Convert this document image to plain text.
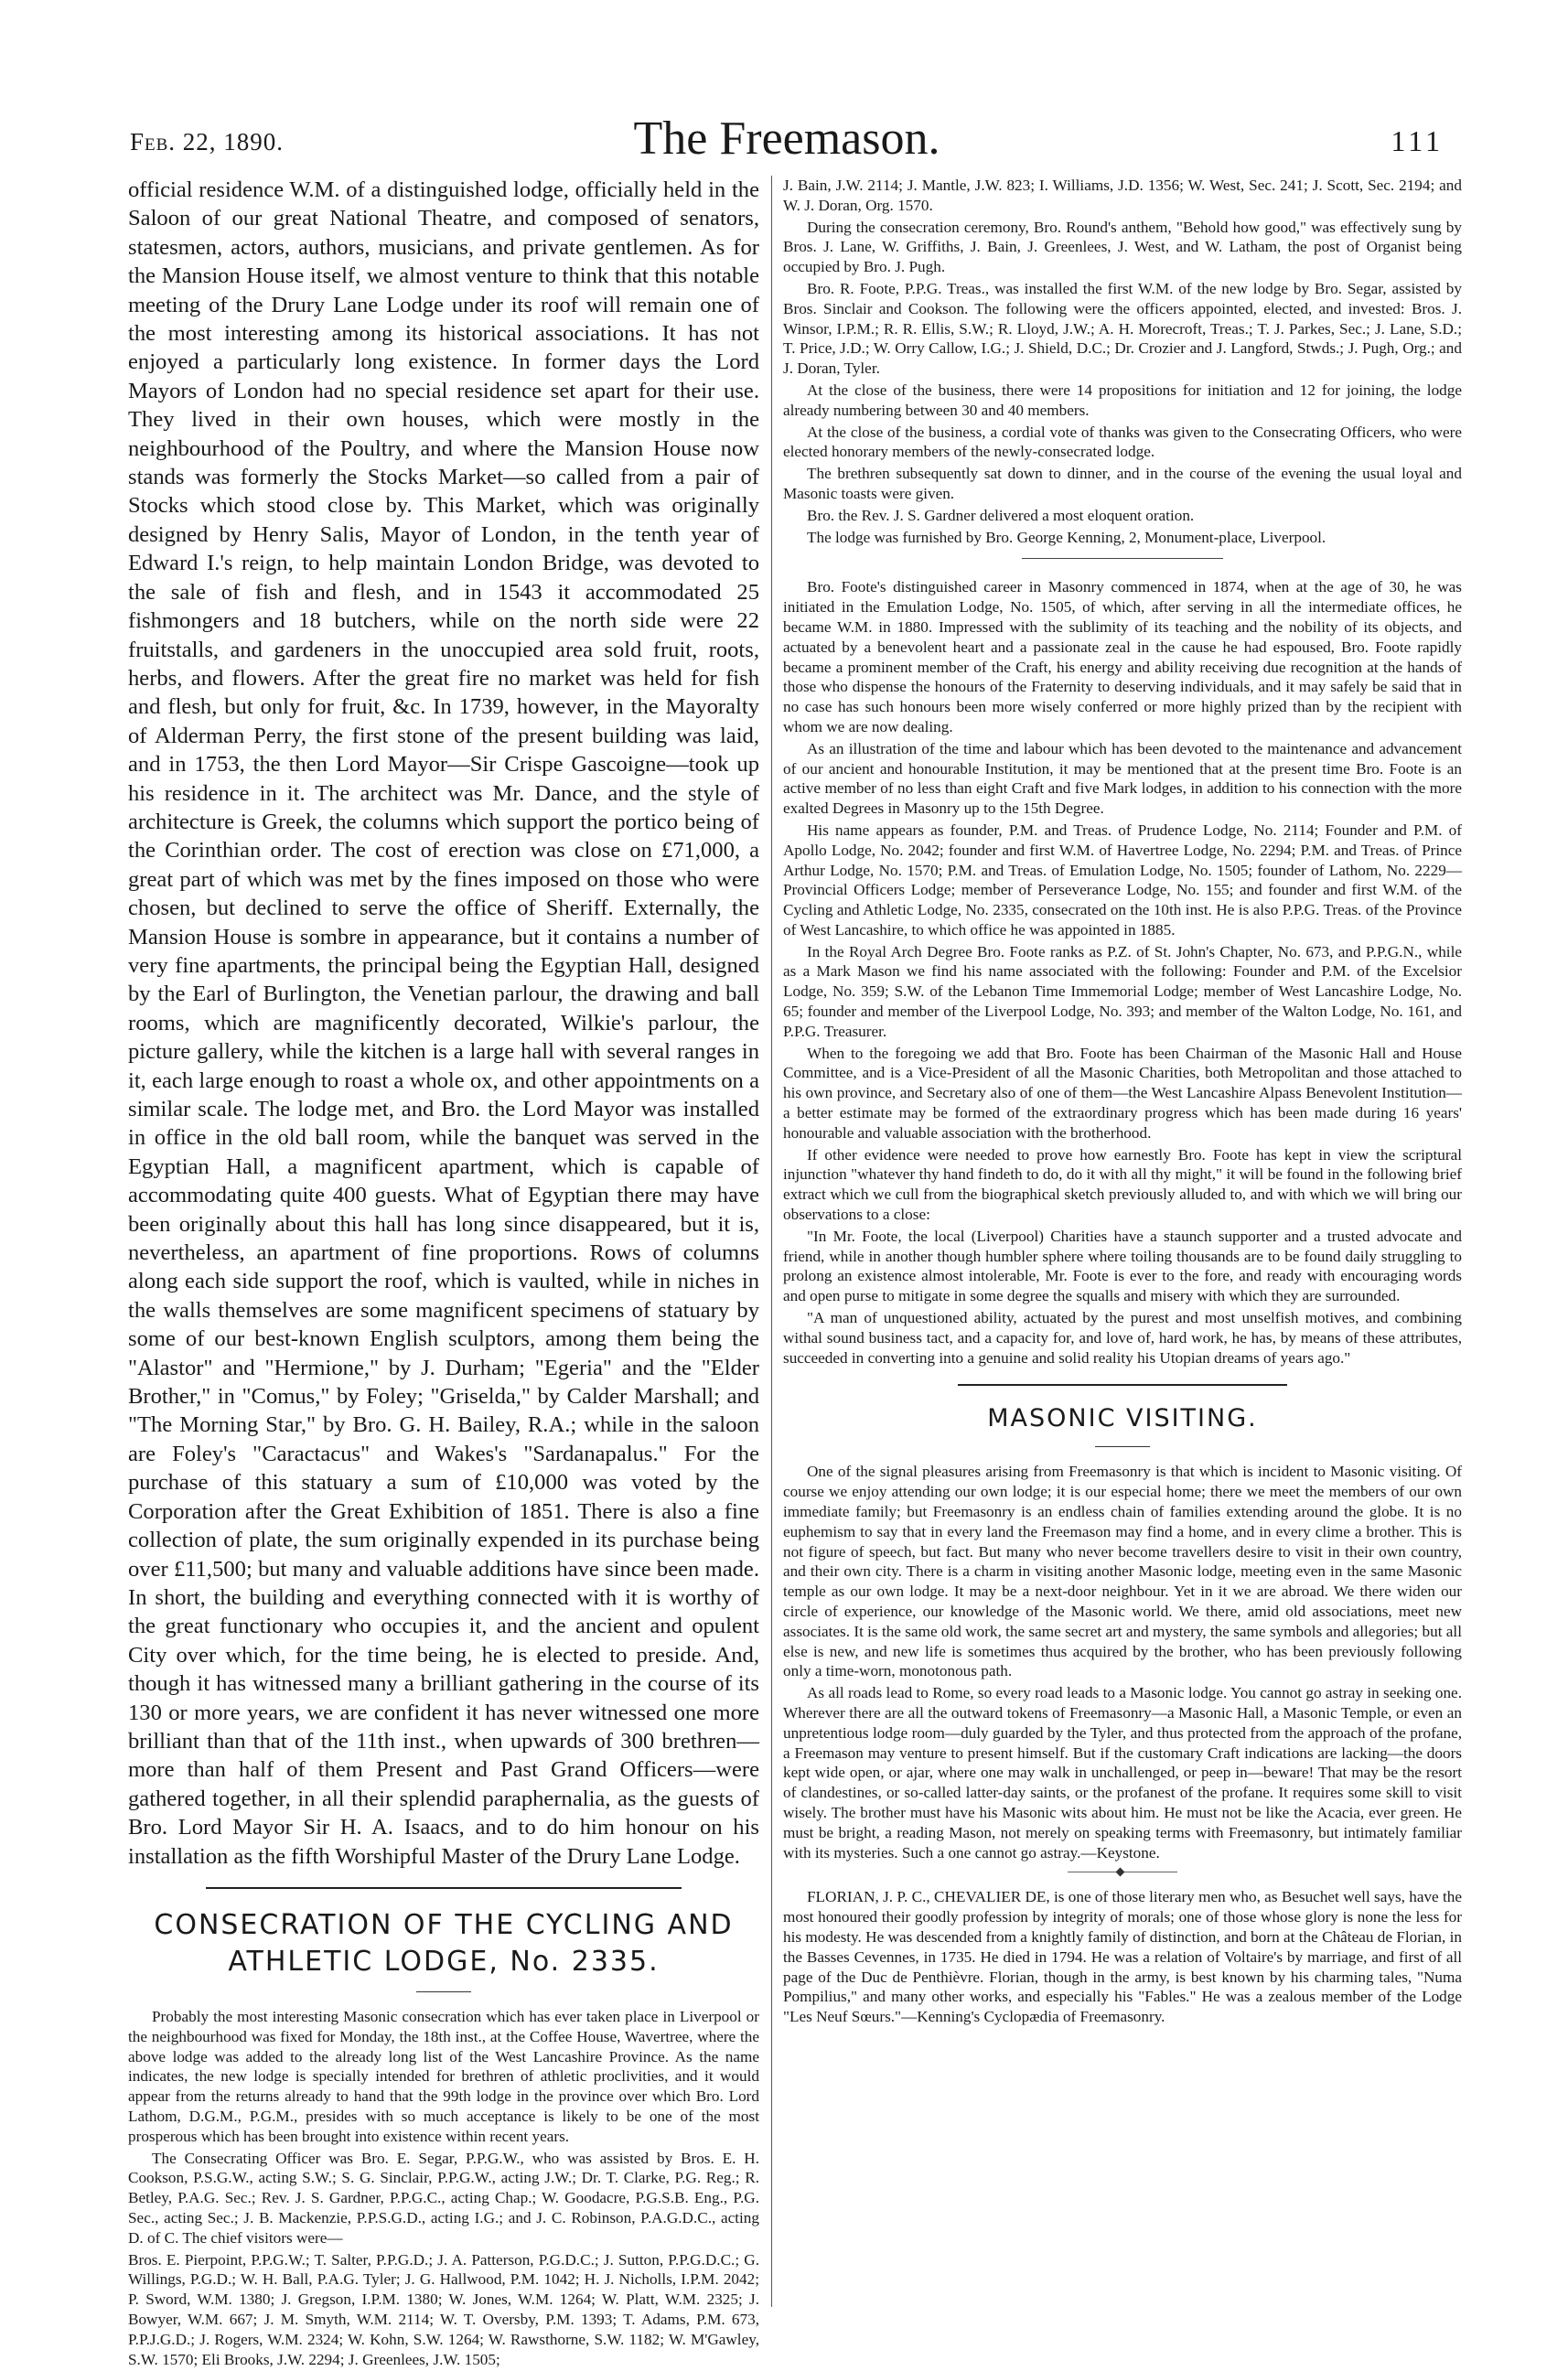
Feb. 22, 1890.	The Freemason.	111

official residence W.M. of a distinguished lodge, officially held in the Saloon of our great National Theatre, and composed of senators, statesmen, actors, authors, musicians, and private gentlemen. As for the Mansion House itself, we almost venture to think that this notable meeting of the Drury Lane Lodge under its roof will remain one of the most interesting among its historical associations. It has not enjoyed a particularly long existence. In former days the Lord Mayors of London had no special residence set apart for their use. They lived in their own houses, which were mostly in the neighbourhood of the Poultry, and where the Mansion House now stands was formerly the Stocks Market—so called from a pair of Stocks which stood close by. This Market, which was originally designed by Henry Salis, Mayor of London, in the tenth year of Edward I.'s reign, to help maintain London Bridge, was devoted to the sale of fish and flesh, and in 1543 it accommodated 25 fishmongers and 18 butchers, while on the north side were 22 fruitstalls, and gardeners in the unoccupied area sold fruit, roots, herbs, and flowers. After the great fire no market was held for fish and flesh, but only for fruit, &c. In 1739, however, in the Mayoralty of Alderman Perry, the first stone of the present building was laid, and in 1753, the then Lord Mayor—Sir Crispe Gascoigne—took up his residence in it. The architect was Mr. Dance, and the style of architecture is Greek, the columns which support the portico being of the Corinthian order. The cost of erection was close on £71,000, a great part of which was met by the fines imposed on those who were chosen, but declined to serve the office of Sheriff. Externally, the Mansion House is sombre in appearance, but it contains a number of very fine apartments, the principal being the Egyptian Hall, designed by the Earl of Burlington, the Venetian parlour, the drawing and ball rooms, which are magnificently decorated, Wilkie's parlour, the picture gallery, while the kitchen is a large hall with several ranges in it, each large enough to roast a whole ox, and other appointments on a similar scale. The lodge met, and Bro. the Lord Mayor was installed in office in the old ball room, while the banquet was served in the Egyptian Hall, a magnificent apartment, which is capable of accommodating quite 400 guests. What of Egyptian there may have been originally about this hall has long since disappeared, but it is, nevertheless, an apartment of fine proportions. Rows of columns along each side support the roof, which is vaulted, while in niches in the walls themselves are some magnificent specimens of statuary by some of our best-known English sculptors, among them being the "Alastor" and "Hermione," by J. Durham; "Egeria" and the "Elder Brother," in "Comus," by Foley; "Griselda," by Calder Marshall; and "The Morning Star," by Bro. G. H. Bailey, R.A.; while in the saloon are Foley's "Caractacus" and Wakes's "Sardanapalus." For the purchase of this statuary a sum of £10,000 was voted by the Corporation after the Great Exhibition of 1851. There is also a fine collection of plate, the sum originally expended in its purchase being over £11,500; but many and valuable additions have since been made. In short, the building and everything connected with it is worthy of the great functionary who occupies it, and the ancient and opulent City over which, for the time being, he is elected to preside. And, though it has witnessed many a brilliant gathering in the course of its 130 or more years, we are confident it has never witnessed one more brilliant than that of the 11th inst., when upwards of 300 brethren—more than half of them Present and Past Grand Officers—were gathered together, in all their splendid paraphernalia, as the guests of Bro. Lord Mayor Sir H. A. Isaacs, and to do him honour on his installation as the fifth Worshipful Master of the Drury Lane Lodge.

CONSECRATION OF THE CYCLING AND
ATHLETIC LODGE, No. 2335.

Probably the most interesting Masonic consecration which has ever taken place in Liverpool or the neighbourhood was fixed for Monday, the 18th inst., at the Coffee House, Wavertree, where the above lodge was added to the already long list of the West Lancashire Province. As the name indicates, the new lodge is specially intended for brethren of athletic proclivities, and it would appear from the returns already to hand that the 99th lodge in the province over which Bro. Lord Lathom, D.G.M., P.G.M., presides with so much acceptance is likely to be one of the most prosperous which has been brought into existence within recent years.

The Consecrating Officer was Bro. E. Segar, P.P.G.W., who was assisted by Bros. E. H. Cookson, P.S.G.W., acting S.W.; S. G. Sinclair, P.P.G.W., acting J.W.; Dr. T. Clarke, P.G. Reg.; R. Betley, P.A.G. Sec.; Rev. J. S. Gardner, P.P.G.C., acting Chap.; W. Goodacre, P.G.S.B. Eng., P.G. Sec., acting Sec.; J. B. Mackenzie, P.P.S.G.D., acting I.G.; and J. C. Robinson, P.A.G.D.C., acting D. of C. The chief visitors were—

Bros. E. Pierpoint, P.P.G.W.; T. Salter, P.P.G.D.; J. A. Patterson, P.G.D.C.; J. Sutton, P.P.G.D.C.; G. Willings, P.G.D.; W. H. Ball, P.A.G. Tyler; J. G. Hallwood, P.M. 1042; H. J. Nicholls, I.P.M. 2042; P. Sword, W.M. 1380; J. Gregson, I.P.M. 1380; W. Jones, W.M. 1264; W. Platt, W.M. 2325; J. Bowyer, W.M. 667; J. M. Smyth, W.M. 2114; W. T. Oversby, P.M. 1393; T. Adams, P.M. 673, P.P.J.G.D.; J. Rogers, W.M. 2324; W. Kohn, S.W. 1264; W. Rawsthorne, S.W. 1182; W. M'Gawley, S.W. 1570; Eli Brooks, J.W. 2294; J. Greenlees, J.W. 1505;

J. Bain, J.W. 2114; J. Mantle, J.W. 823; I. Williams, J.D. 1356; W. West, Sec. 241; J. Scott, Sec. 2194; and W. J. Doran, Org. 1570.

During the consecration ceremony, Bro. Round's anthem, "Behold how good," was effectively sung by Bros. J. Lane, W. Griffiths, J. Bain, J. Greenlees, J. West, and W. Latham, the post of Organist being occupied by Bro. J. Pugh.

Bro. R. Foote, P.P.G. Treas., was installed the first W.M. of the new lodge by Bro. Segar, assisted by Bros. Sinclair and Cookson. The following were the officers appointed, elected, and invested: Bros. J. Winsor, I.P.M.; R. R. Ellis, S.W.; R. Lloyd, J.W.; A. H. Morecroft, Treas.; T. J. Parkes, Sec.; J. Lane, S.D.; T. Price, J.D.; W. Orry Callow, I.G.; J. Shield, D.C.; Dr. Crozier and J. Langford, Stwds.; J. Pugh, Org.; and J. Doran, Tyler.

At the close of the business, there were 14 propositions for initiation and 12 for joining, the lodge already numbering between 30 and 40 members.

At the close of the business, a cordial vote of thanks was given to the Consecrating Officers, who were elected honorary members of the newly-consecrated lodge.

The brethren subsequently sat down to dinner, and in the course of the evening the usual loyal and Masonic toasts were given.

Bro. the Rev. J. S. Gardner delivered a most eloquent oration.

The lodge was furnished by Bro. George Kenning, 2, Monument-place, Liverpool.

Bro. Foote's distinguished career in Masonry commenced in 1874, when at the age of 30, he was initiated in the Emulation Lodge, No. 1505, of which, after serving in all the intermediate offices, he became W.M. in 1880. Impressed with the sublimity of its teaching and the nobility of its objects, and actuated by a benevolent heart and a passionate zeal in the cause he had espoused, Bro. Foote rapidly became a prominent member of the Craft, his energy and ability receiving due recognition at the hands of those who dispense the honours of the Fraternity to deserving individuals, and it may safely be said that in no case has such honours been more wisely conferred or more highly prized than by the recipient with whom we are now dealing.

As an illustration of the time and labour which has been devoted to the maintenance and advancement of our ancient and honourable Institution, it may be mentioned that at the present time Bro. Foote is an active member of no less than eight Craft and five Mark lodges, in addition to his connection with the more exalted Degrees in Masonry up to the 15th Degree.

His name appears as founder, P.M. and Treas. of Prudence Lodge, No. 2114; Founder and P.M. of Apollo Lodge, No. 2042; founder and first W.M. of Havertree Lodge, No. 2294; P.M. and Treas. of Prince Arthur Lodge, No. 1570; P.M. and Treas. of Emulation Lodge, No. 1505; founder of Lathom, No. 2229—Provincial Officers Lodge; member of Perseverance Lodge, No. 155; and founder and first W.M. of the Cycling and Athletic Lodge, No. 2335, consecrated on the 10th inst. He is also P.P.G. Treas. of the Province of West Lancashire, to which office he was appointed in 1885.

In the Royal Arch Degree Bro. Foote ranks as P.Z. of St. John's Chapter, No. 673, and P.P.G.N., while as a Mark Mason we find his name associated with the following: Founder and P.M. of the Excelsior Lodge, No. 359; S.W. of the Lebanon Time Immemorial Lodge; member of West Lancashire Lodge, No. 65; founder and member of the Liverpool Lodge, No. 393; and member of the Walton Lodge, No. 161, and P.P.G. Treasurer.

When to the foregoing we add that Bro. Foote has been Chairman of the Masonic Hall and House Committee, and is a Vice-President of all the Masonic Charities, both Metropolitan and those attached to his own province, and Secretary also of one of them—the West Lancashire Alpass Benevolent Institution—a better estimate may be formed of the extraordinary progress which has been made during 16 years' honourable and valuable association with the brotherhood.

If other evidence were needed to prove how earnestly Bro. Foote has kept in view the scriptural injunction "whatever thy hand findeth to do, do it with all thy might," it will be found in the following brief extract which we cull from the biographical sketch previously alluded to, and with which we will bring our observations to a close:

"In Mr. Foote, the local (Liverpool) Charities have a staunch supporter and a trusted advocate and friend, while in another though humbler sphere where toiling thousands are to be found daily struggling to prolong an existence almost intolerable, Mr. Foote is ever to the fore, and ready with encouraging words and open purse to mitigate in some degree the squalls and misery with which they are surrounded.

"A man of unquestioned ability, actuated by the purest and most unselfish motives, and combining withal sound business tact, and a capacity for, and love of, hard work, he has, by means of these attributes, succeeded in converting into a genuine and solid reality his Utopian dreams of years ago."

MASONIC VISITING.

One of the signal pleasures arising from Freemasonry is that which is incident to Masonic visiting. Of course we enjoy attending our own lodge; it is our especial home; there we meet the members of our own immediate family; but Freemasonry is an endless chain of families extending around the globe. It is no euphemism to say that in every land the Freemason may find a home, and in every clime a brother. This is not figure of speech, but fact. But many who never become travellers desire to visit in their own country, and their own city. There is a charm in visiting another Masonic lodge, meeting even in the same Masonic temple as our own lodge. It may be a next-door neighbour. Yet in it we are abroad. We there widen our circle of experience, our knowledge of the Masonic world. We there, amid old associations, meet new associates. It is the same old work, the same secret art and mystery, the same symbols and allegories; but all else is new, and new life is sometimes thus acquired by the brother, who has been previously following only a time-worn, monotonous path.

As all roads lead to Rome, so every road leads to a Masonic lodge. You cannot go astray in seeking one. Wherever there are all the outward tokens of Freemasonry—a Masonic Hall, a Masonic Temple, or even an unpretentious lodge room—duly guarded by the Tyler, and thus protected from the approach of the profane, a Freemason may venture to present himself. But if the customary Craft indications are lacking—the doors kept wide open, or ajar, where one may walk in unchallenged, or peep in—beware! That may be the resort of clandestines, or so-called latter-day saints, or the profanest of the profane. It requires some skill to visit wisely. The brother must have his Masonic wits about him. He must not be like the Acacia, ever green. He must be bright, a reading Mason, not merely on speaking terms with Freemasonry, but intimately familiar with its mysteries. Such a one cannot go astray.—Keystone.

FLORIAN, J. P. C., CHEVALIER DE, is one of those literary men who, as Besuchet well says, have the most honoured their goodly profession by integrity of morals; one of those whose glory is none the less for his modesty. He was descended from a knightly family of distinction, and born at the Château de Florian, in the Basses Cevennes, in 1735. He died in 1794. He was a relation of Voltaire's by marriage, and first of all page of the Duc de Penthièvre. Florian, though in the army, is best known by his charming tales, "Numa Pompilius," and many other works, and especially his "Fables." He was a zealous member of the Lodge "Les Neuf Sœurs."—Kenning's Cyclopædia of Freemasonry.
